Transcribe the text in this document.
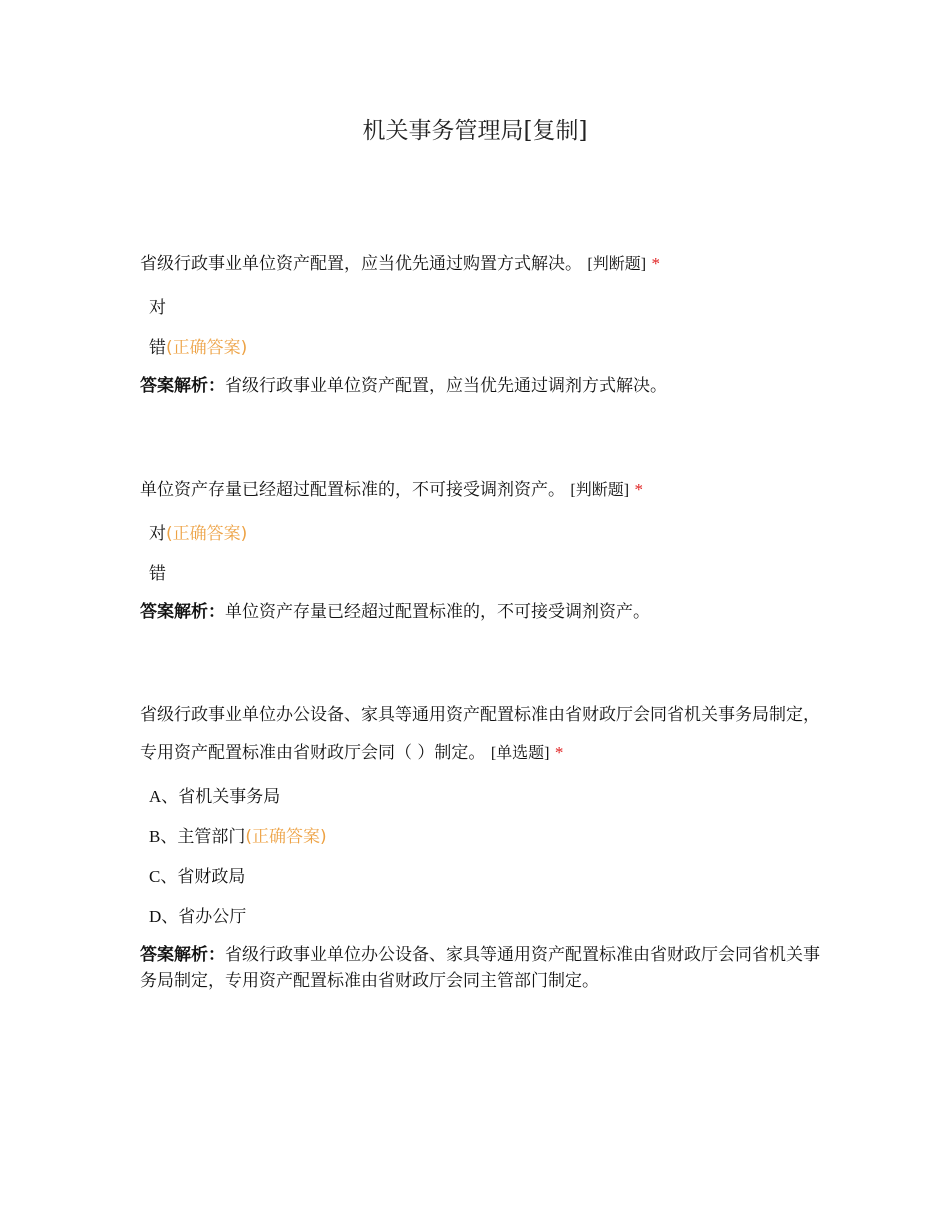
机关事务管理局[复制]
省级行政事业单位资产配置，应当优先通过购置方式解决。 [判断题] *
对
错(正确答案)
答案解析：省级行政事业单位资产配置，应当优先通过调剂方式解决。
单位资产存量已经超过配置标准的，不可接受调剂资产。 [判断题] *
对(正确答案)
错
答案解析：单位资产存量已经超过配置标准的，不可接受调剂资产。
省级行政事业单位办公设备、家具等通用资产配置标准由省财政厅会同省机关事务局制定，专用资产配置标准由省财政厅会同（ ）制定。 [单选题] *
A、省机关事务局
B、主管部门(正确答案)
C、省财政局
D、省办公厅
答案解析：省级行政事业单位办公设备、家具等通用资产配置标准由省财政厅会同省机关事务局制定，专用资产配置标准由省财政厅会同主管部门制定。
